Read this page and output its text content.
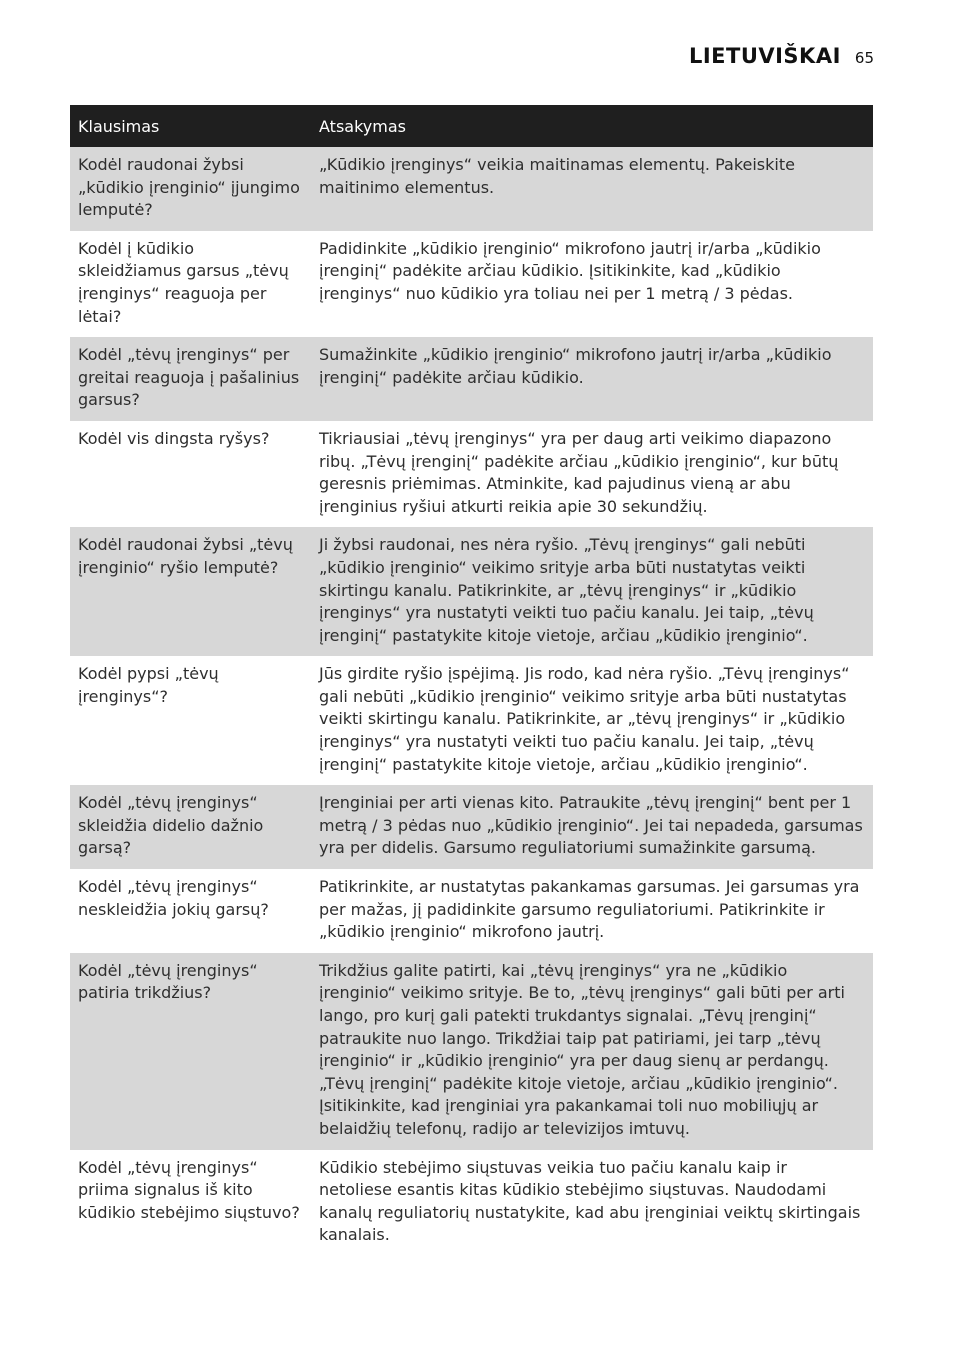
LIETUVIŠKAI 65
Klausimas	Atsakymas
Kodėl raudonai žybsi „kūdikio įrenginio“ įjungimo lemputė?	„Kūdikio įrenginys“ veikia maitinamas elementų. Pakeiskite maitinimo elementus.
Kodėl į kūdikio skleidžiamus garsus „tėvų įrenginys“ reaguoja per lėtai?	Padidinkite „kūdikio įrenginio“ mikrofono jautrį ir/arba „kūdikio įrenginį“ padėkite arčiau kūdikio. Įsitikinkite, kad „kūdikio įrenginys“ nuo kūdikio yra toliau nei per 1 metrą / 3 pėdas.
Kodėl „tėvų įrenginys“ per greitai reaguoja į pašalinius garsus?	Sumažinkite „kūdikio įrenginio“ mikrofono jautrį ir/arba „kūdikio įrenginį“ padėkite arčiau kūdikio.
Kodėl vis dingsta ryšys?	Tikriausiai „tėvų įrenginys“ yra per daug arti veikimo diapazono ribų. „Tėvų įrenginį“ padėkite arčiau „kūdikio įrenginio“, kur būtų geresnis priėmimas. Atminkite, kad pajudinus vieną ar abu įrenginius ryšiui atkurti reikia apie 30 sekundžių.
Kodėl raudonai žybsi „tėvų įrenginio“ ryšio lemputė?	Ji žybsi raudonai, nes nėra ryšio. „Tėvų įrenginys“ gali nebūti „kūdikio įrenginio“ veikimo srityje arba būti nustatytas veikti skirtingu kanalu. Patikrinkite, ar „tėvų įrenginys“ ir „kūdikio įrenginys“ yra nustatyti veikti tuo pačiu kanalu. Jei taip, „tėvų įrenginį“ pastatykite kitoje vietoje, arčiau „kūdikio įrenginio“.
Kodėl pypsi „tėvų įrenginys“?	Jūs girdite ryšio įspėjimą. Jis rodo, kad nėra ryšio. „Tėvų įrenginys“ gali nebūti „kūdikio įrenginio“ veikimo srityje arba būti nustatytas veikti skirtingu kanalu. Patikrinkite, ar „tėvų įrenginys“ ir „kūdikio įrenginys“ yra nustatyti veikti tuo pačiu kanalu. Jei taip, „tėvų įrenginį“ pastatykite kitoje vietoje, arčiau „kūdikio įrenginio“.
Kodėl „tėvų įrenginys“ skleidžia didelio dažnio garsą?	Įrenginiai per arti vienas kito. Patraukite „tėvų įrenginį“ bent per 1 metrą / 3 pėdas nuo „kūdikio įrenginio“. Jei tai nepadeda, garsumas yra per didelis. Garsumo reguliatoriumi sumažinkite garsumą.
Kodėl „tėvų įrenginys“ neskleidžia jokių garsų?	Patikrinkite, ar nustatytas pakankamas garsumas. Jei garsumas yra per mažas, jį padidinkite garsumo reguliatoriumi. Patikrinkite ir „kūdikio įrenginio“ mikrofono jautrį.
Kodėl „tėvų įrenginys“ patiria trikdžius?	Trikdžius galite patirti, kai „tėvų įrenginys“ yra ne „kūdikio įrenginio“ veikimo srityje. Be to, „tėvų įrenginys“ gali būti per arti lango, pro kurį gali patekti trukdantys signalai. „Tėvų įrenginį“ patraukite nuo lango. Trikdžiai taip pat patiriami, jei tarp „tėvų įrenginio“ ir „kūdikio įrenginio“ yra per daug sienų ar perdangų. „Tėvų įrenginį“ padėkite kitoje vietoje, arčiau „kūdikio įrenginio“. Įsitikinkite, kad įrenginiai yra pakankamai toli nuo mobiliųjų ar belaidžių telefonų, radijo ar televizijos imtuvų.
Kodėl „tėvų įrenginys“ priima signalus iš kito kūdikio stebėjimo siųstuvo?	Kūdikio stebėjimo siųstuvas veikia tuo pačiu kanalu kaip ir netoliese esantis kitas kūdikio stebėjimo siųstuvas. Naudodami kanalų reguliatorių nustatykite, kad abu įrenginiai veiktų skirtingais kanalais.
